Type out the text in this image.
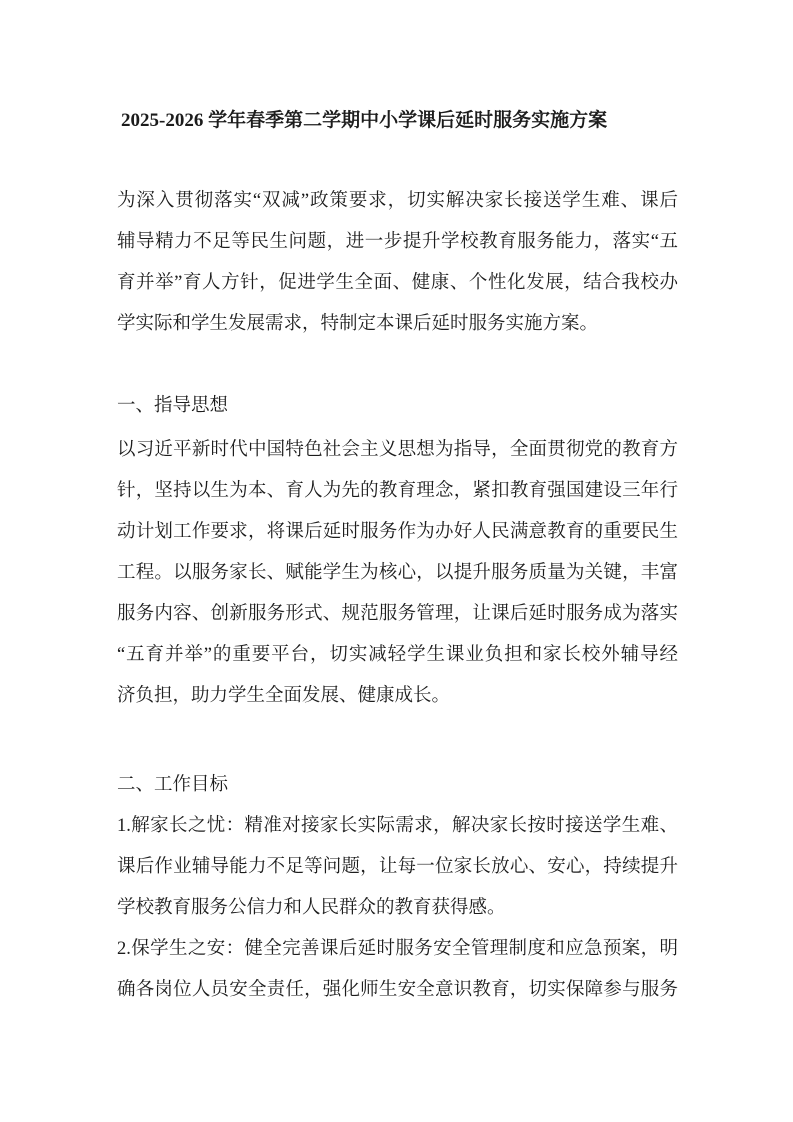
2025-2026 学年春季第二学期中小学课后延时服务实施方案
为深入贯彻落实“双减”政策要求，切实解决家长接送学生难、课后
辅导精力不足等民生问题，进一步提升学校教育服务能力，落实“五
育并举”育人方针，促进学生全面、健康、个性化发展，结合我校办
学实际和学生发展需求，特制定本课后延时服务实施方案。
一、指导思想
以习近平新时代中国特色社会主义思想为指导，全面贯彻党的教育方
针，坚持以生为本、育人为先的教育理念，紧扣教育强国建设三年行
动计划工作要求，将课后延时服务作为办好人民满意教育的重要民生
工程。以服务家长、赋能学生为核心，以提升服务质量为关键，丰富
服务内容、创新服务形式、规范服务管理，让课后延时服务成为落实
“五育并举”的重要平台，切实减轻学生课业负担和家长校外辅导经
济负担，助力学生全面发展、健康成长。
二、工作目标
1.解家长之忧：精准对接家长实际需求，解决家长按时接送学生难、
课后作业辅导能力不足等问题，让每一位家长放心、安心，持续提升
学校教育服务公信力和人民群众的教育获得感。
2.保学生之安：健全完善课后延时服务安全管理制度和应急预案，明
确各岗位人员安全责任，强化师生安全意识教育，切实保障参与服务
